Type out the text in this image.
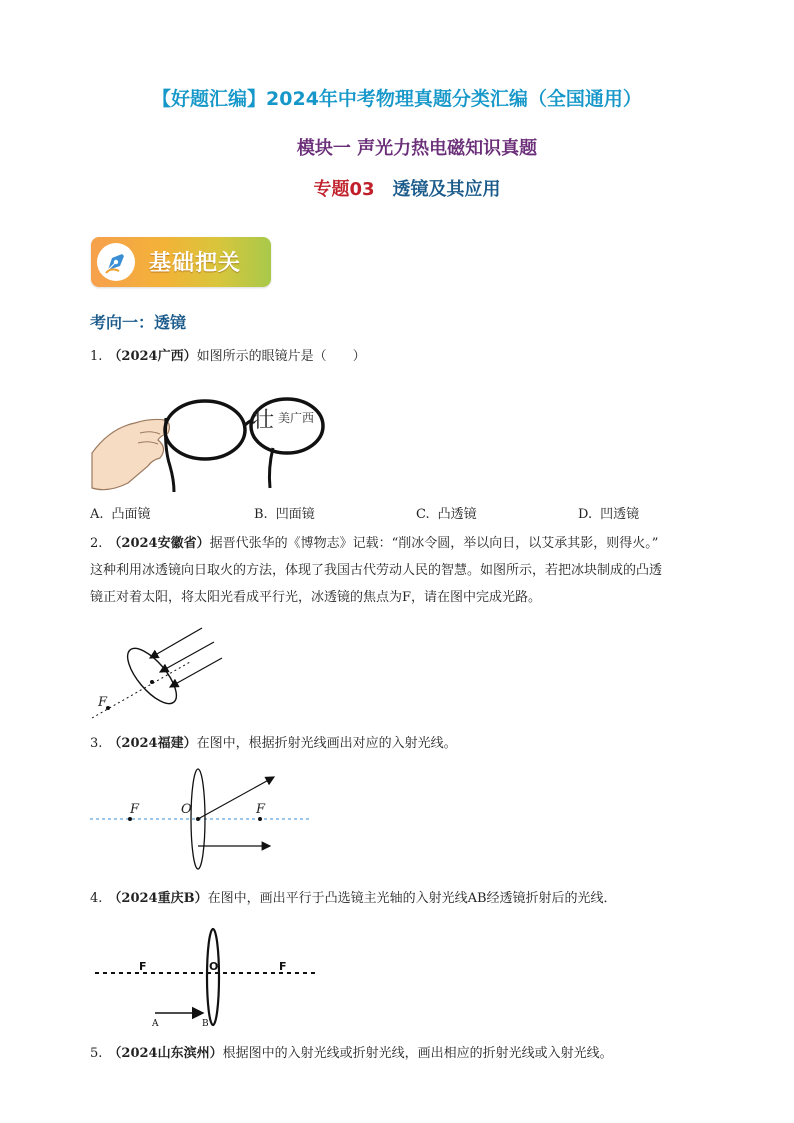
【好题汇编】2024年中考物理真题分类汇编（全国通用）
模块一 声光力热电磁知识真题
专题03 透镜及其应用
基础把关
考向一：透镜
1. （2024广西）如图所示的眼镜片是（　　）
壮 美广西
A. 凸面镜	B. 凹面镜	C. 凸透镜	D. 凹透镜
2. （2024安徽省）据晋代张华的《博物志》记载：“削冰令圆，举以向日，以艾承其影，则得火。”
这种利用冰透镜向日取火的方法，体现了我国古代劳动人民的智慧。如图所示，若把冰块制成的凸透
镜正对着太阳，将太阳光看成平行光，冰透镜的焦点为F，请在图中完成光路。
F
3. （2024福建）在图中，根据折射光线画出对应的入射光线。
F	O	F
4. （2024重庆B）在图中，画出平行于凸选镜主光轴的入射光线AB经透镜折射后的光线．
F	O	F
A	B
5. （2024山东滨州）根据图中的入射光线或折射光线，画出相应的折射光线或入射光线。
